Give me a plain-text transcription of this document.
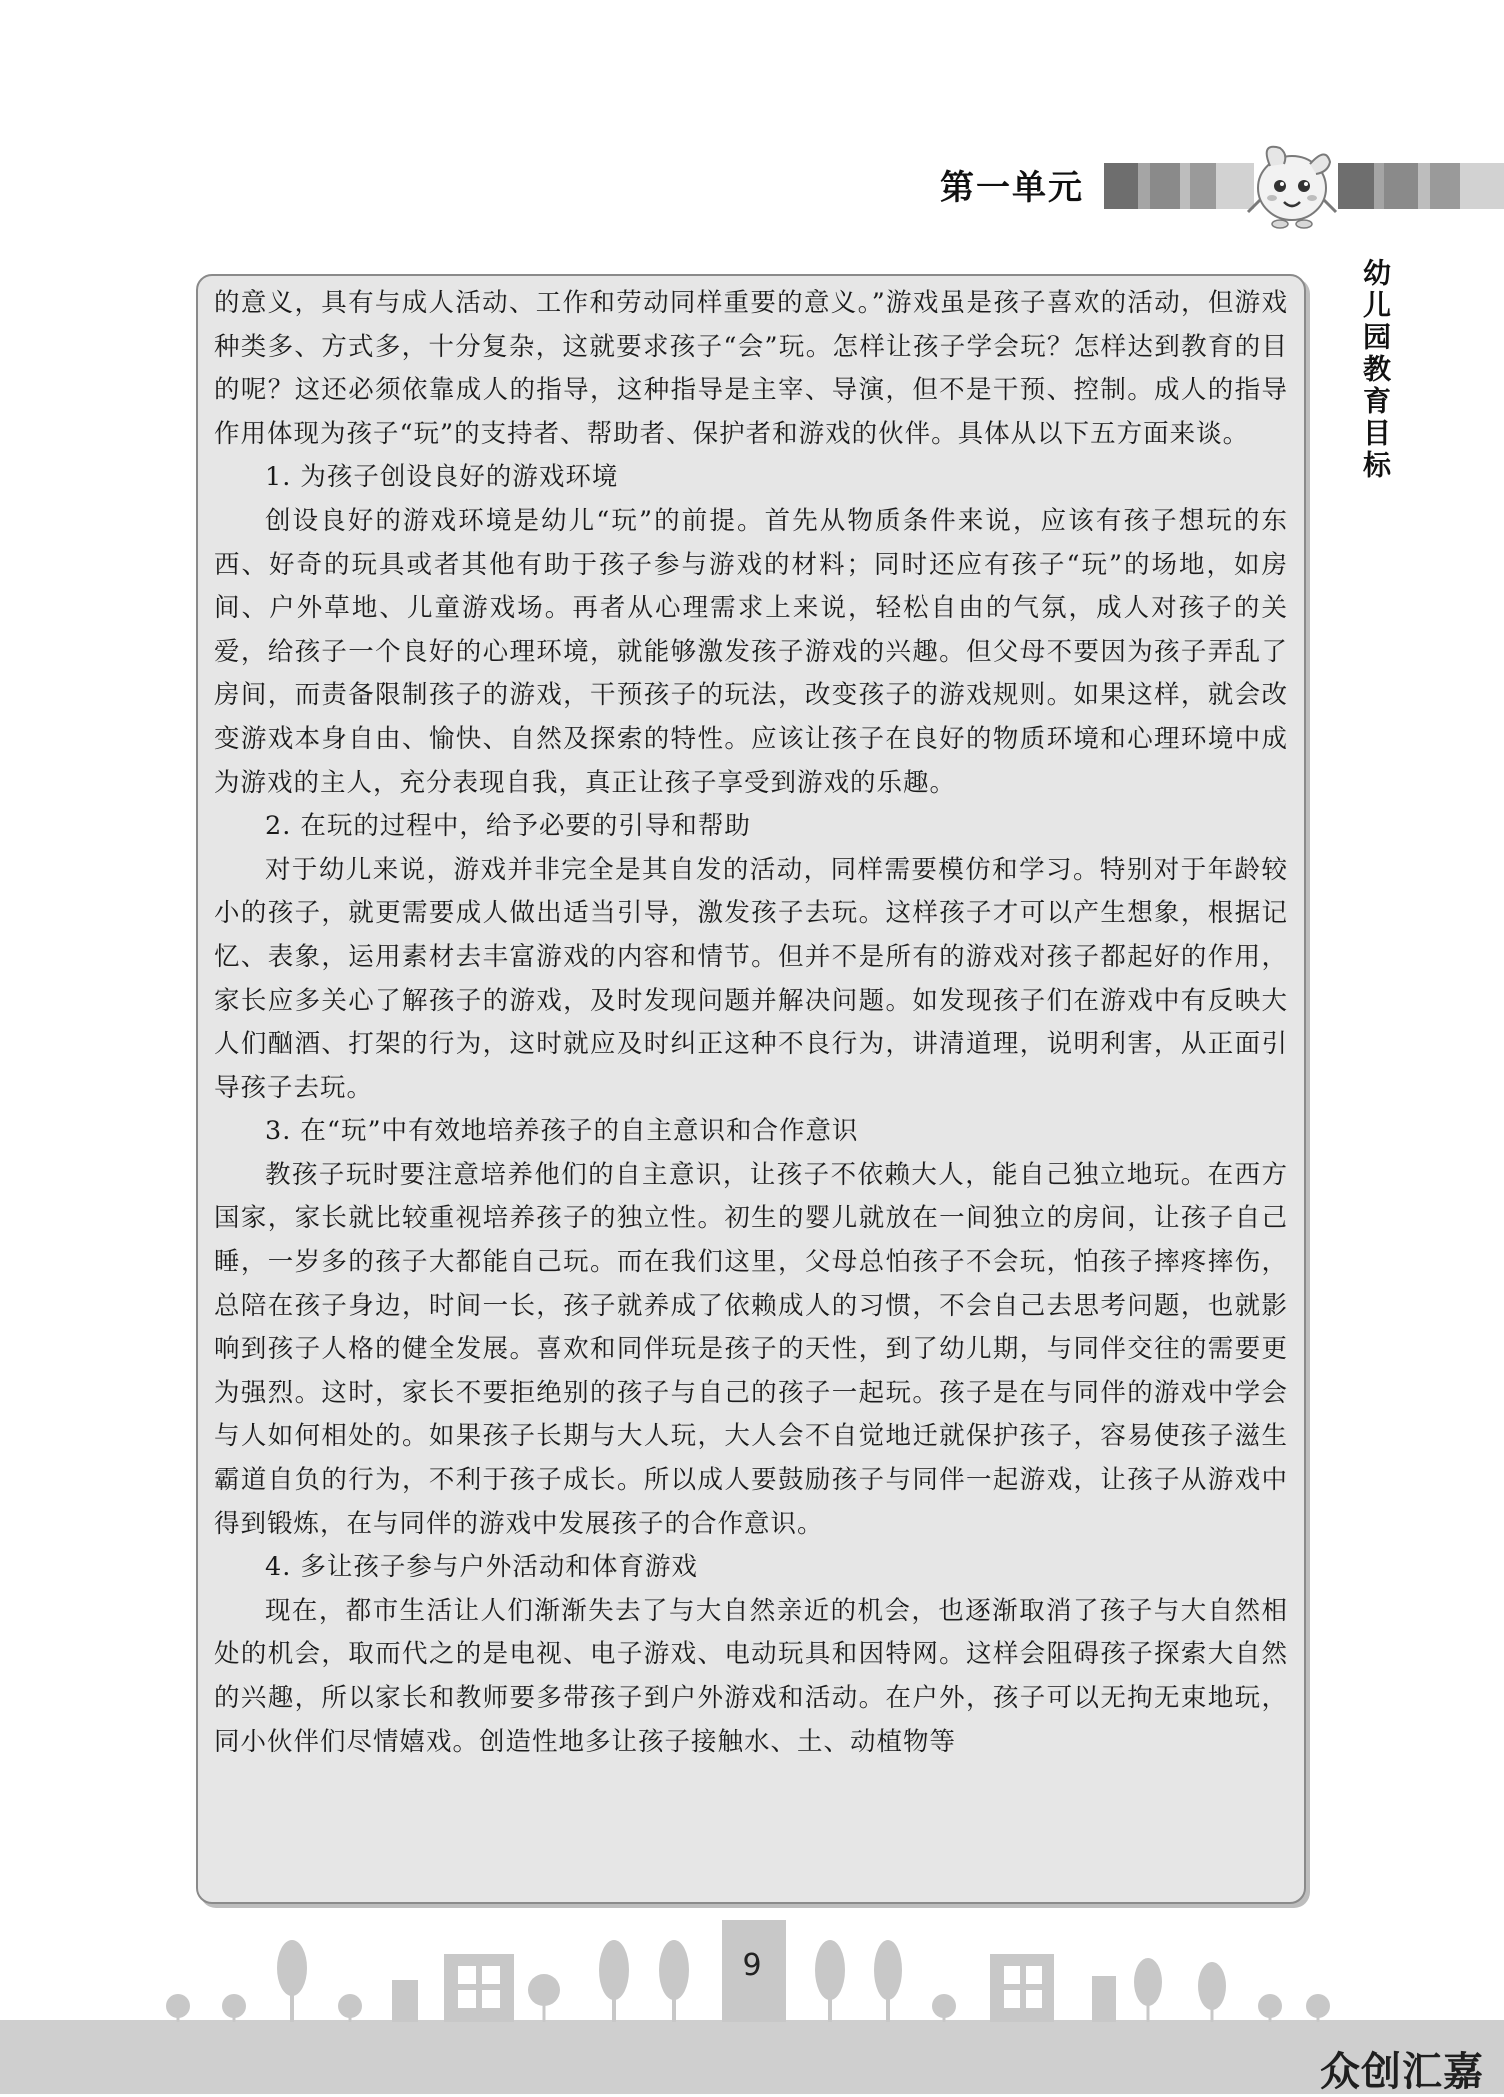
第一单元
幼儿园教育目标

的意义，具有与成人活动、工作和劳动同样重要的意义。”游戏虽是孩子喜欢的活动，但游戏种类多、方式多，十分复杂，这就要求孩子“会”玩。怎样让孩子学会玩？怎样达到教育的目的呢？这还必须依靠成人的指导，这种指导是主宰、导演，但不是干预、控制。成人的指导作用体现为孩子“玩”的支持者、帮助者、保护者和游戏的伙伴。具体从以下五方面来谈。

1. 为孩子创设良好的游戏环境

创设良好的游戏环境是幼儿“玩”的前提。首先从物质条件来说，应该有孩子想玩的东西、好奇的玩具或者其他有助于孩子参与游戏的材料；同时还应有孩子“玩”的场地，如房间、户外草地、儿童游戏场。再者从心理需求上来说，轻松自由的气氛，成人对孩子的关爱，给孩子一个良好的心理环境，就能够激发孩子游戏的兴趣。但父母不要因为孩子弄乱了房间，而责备限制孩子的游戏，干预孩子的玩法，改变孩子的游戏规则。如果这样，就会改变游戏本身自由、愉快、自然及探索的特性。应该让孩子在良好的物质环境和心理环境中成为游戏的主人，充分表现自我，真正让孩子享受到游戏的乐趣。

2. 在玩的过程中，给予必要的引导和帮助

对于幼儿来说，游戏并非完全是其自发的活动，同样需要模仿和学习。特别对于年龄较小的孩子，就更需要成人做出适当引导，激发孩子去玩。这样孩子才可以产生想象，根据记忆、表象，运用素材去丰富游戏的内容和情节。但并不是所有的游戏对孩子都起好的作用，家长应多关心了解孩子的游戏，及时发现问题并解决问题。如发现孩子们在游戏中有反映大人们酗酒、打架的行为，这时就应及时纠正这种不良行为，讲清道理，说明利害，从正面引导孩子去玩。

3. 在“玩”中有效地培养孩子的自主意识和合作意识

教孩子玩时要注意培养他们的自主意识，让孩子不依赖大人，能自己独立地玩。在西方国家，家长就比较重视培养孩子的独立性。初生的婴儿就放在一间独立的房间，让孩子自己睡，一岁多的孩子大都能自己玩。而在我们这里，父母总怕孩子不会玩，怕孩子摔疼摔伤，总陪在孩子身边，时间一长，孩子就养成了依赖成人的习惯，不会自己去思考问题，也就影响到孩子人格的健全发展。喜欢和同伴玩是孩子的天性，到了幼儿期，与同伴交往的需要更为强烈。这时，家长不要拒绝别的孩子与自己的孩子一起玩。孩子是在与同伴的游戏中学会与人如何相处的。如果孩子长期与大人玩，大人会不自觉地迁就保护孩子，容易使孩子滋生霸道自负的行为，不利于孩子成长。所以成人要鼓励孩子与同伴一起游戏，让孩子从游戏中得到锻炼，在与同伴的游戏中发展孩子的合作意识。

4. 多让孩子参与户外活动和体育游戏

现在，都市生活让人们渐渐失去了与大自然亲近的机会，也逐渐取消了孩子与大自然相处的机会，取而代之的是电视、电子游戏、电动玩具和因特网。这样会阻碍孩子探索大自然的兴趣，所以家长和教师要多带孩子到户外游戏和活动。在户外，孩子可以无拘无束地玩，同小伙伴们尽情嬉戏。创造性地多让孩子接触水、土、动植物等

9
众创汇嘉
